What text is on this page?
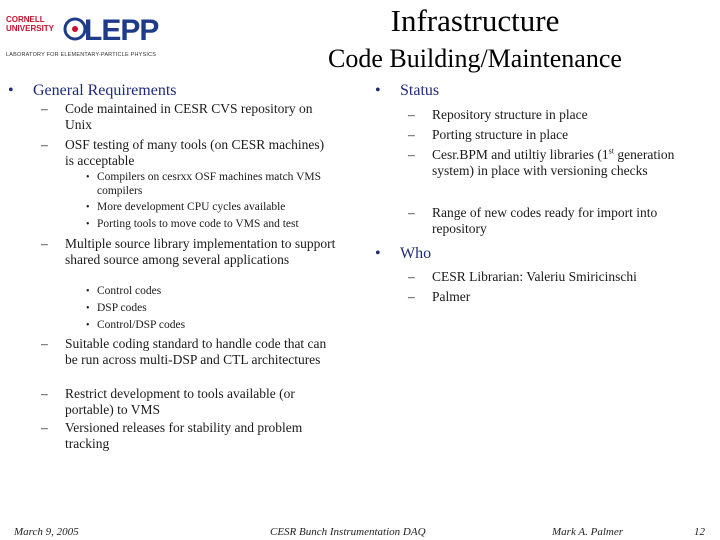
CORNELL
UNIVERSITY LEPP
LABORATORY FOR ELEMENTARY-PARTICLE PHYSICS
Infrastructure
Code Building/Maintenance
• General Requirements
– Code maintained in CESR CVS repository on Unix
– OSF testing of many tools (on CESR machines) is acceptable
• Compilers on cesrxx OSF machines match VMS compilers
• More development CPU cycles available
• Porting tools to move code to VMS and test
– Multiple source library implementation to support shared source among several applications
• Control codes
• DSP codes
• Control/DSP codes
– Suitable coding standard to handle code that can be run across multi-DSP and CTL architectures
– Restrict development to tools available (or portable) to VMS
– Versioned releases for stability and problem tracking
• Status
– Repository structure in place
– Porting structure in place
– Cesr.BPM and utiltiy libraries (1st generation system) in place with versioning checks
– Range of new codes ready for import into repository
• Who
– CESR Librarian: Valeriu Smiricinschi
– Palmer
March 9, 2005	CESR Bunch Instrumentation DAQ	Mark A. Palmer	12
